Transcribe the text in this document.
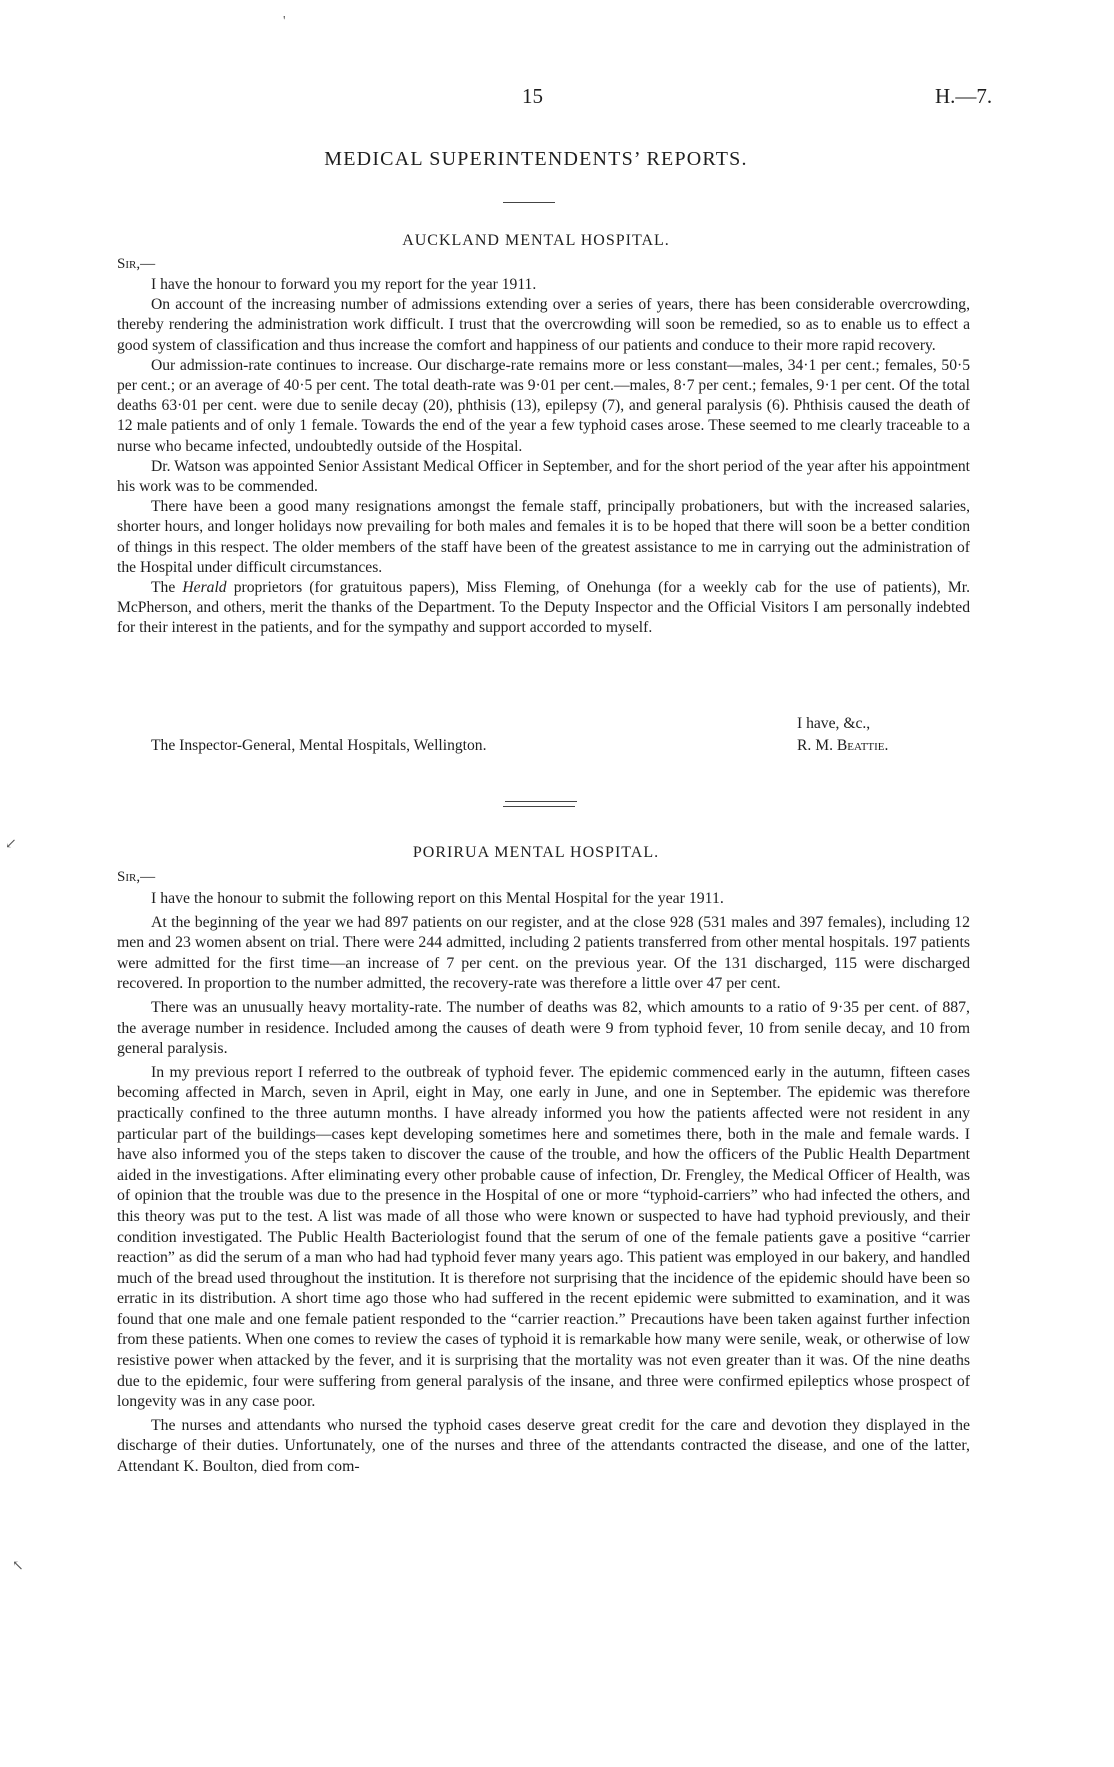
'
15	H.—7.
MEDICAL SUPERINTENDENTS’ REPORTS.
AUCKLAND MENTAL HOSPITAL.
Sir,—

I have the honour to forward you my report for the year 1911.

On account of the increasing number of admissions extending over a series of years, there has been considerable overcrowding, thereby rendering the administration work difficult. I trust that the overcrowding will soon be remedied, so as to enable us to effect a good system of classification and thus increase the comfort and happiness of our patients and conduce to their more rapid recovery.

Our admission-rate continues to increase. Our discharge-rate remains more or less constant—males, 34·1 per cent.; females, 50·5 per cent.; or an average of 40·5 per cent. The total death-rate was 9·01 per cent.—males, 8·7 per cent.; females, 9·1 per cent. Of the total deaths 63·01 per cent. were due to senile decay (20), phthisis (13), epilepsy (7), and general paralysis (6). Phthisis caused the death of 12 male patients and of only 1 female. Towards the end of the year a few typhoid cases arose. These seemed to me clearly traceable to a nurse who became infected, undoubtedly outside of the Hospital.

Dr. Watson was appointed Senior Assistant Medical Officer in September, and for the short period of the year after his appointment his work was to be commended.

There have been a good many resignations amongst the female staff, principally probationers, but with the increased salaries, shorter hours, and longer holidays now prevailing for both males and females it is to be hoped that there will soon be a better condition of things in this respect. The older members of the staff have been of the greatest assistance to me in carrying out the administration of the Hospital under difficult circumstances.

The Herald proprietors (for gratuitous papers), Miss Fleming, of Onehunga (for a weekly cab for the use of patients), Mr. McPherson, and others, merit the thanks of the Department. To the Deputy Inspector and the Official Visitors I am personally indebted for their interest in the patients, and for the sympathy and support accorded to myself.

I have, &c.,
The Inspector-General, Mental Hospitals, Wellington.	R. M. Beattie.
↙	PORIRUA MENTAL HOSPITAL.
Sir,—

I have the honour to submit the following report on this Mental Hospital for the year 1911.

At the beginning of the year we had 897 patients on our register, and at the close 928 (531 males and 397 females), including 12 men and 23 women absent on trial. There were 244 admitted, including 2 patients transferred from other mental hospitals. 197 patients were admitted for the first time—an increase of 7 per cent. on the previous year. Of the 131 discharged, 115 were discharged recovered. In proportion to the number admitted, the recovery-rate was therefore a little over 47 per cent.

There was an unusually heavy mortality-rate. The number of deaths was 82, which amounts to a ratio of 9·35 per cent. of 887, the average number in residence. Included among the causes of death were 9 from typhoid fever, 10 from senile decay, and 10 from general paralysis.

In my previous report I referred to the outbreak of typhoid fever. The epidemic commenced early in the autumn, fifteen cases becoming affected in March, seven in April, eight in May, one early in June, and one in September. The epidemic was therefore practically confined to the three autumn months. I have already informed you how the patients affected were not resident in any particular part of the buildings—cases kept developing sometimes here and sometimes there, both in the male and female wards. I have also informed you of the steps taken to discover the cause of the trouble, and how the officers of the Public Health Department aided in the investigations. After eliminating every other probable cause of infection, Dr. Frengley, the Medical Officer of Health, was of opinion that the trouble was due to the presence in the Hospital of one or more “typhoid-carriers” who had infected the others, and this theory was put to the test. A list was made of all those who were known or suspected to have had typhoid previously, and their condition investigated. The Public Health Bacteriologist found that the serum of one of the female patients gave a positive “carrier reaction” as did the serum of a man who had had typhoid fever many years ago. This patient was employed in our bakery, and handled much of the bread used throughout the institution. It is therefore not surprising that the incidence of the epidemic should have been so erratic in its distribution. A short time ago those who had suffered in the recent epidemic were submitted to examination, and it was found that one male and one female patient responded to the “carrier reaction.” Precautions have been taken against further infection from these patients. When one comes to review the cases of typhoid it is remarkable how many were senile, weak, or otherwise of low resistive power when attacked by the fever, and it is surprising that the mortality was not even greater than it was. Of the nine deaths due to the epidemic, four were suffering from general paralysis of the insane, and three were confirmed epileptics whose prospect of longevity was in any case poor.

The nurses and attendants who nursed the typhoid cases deserve great credit for the care and devotion they displayed in the discharge of their duties. Unfortunately, one of the nurses and three of the attendants contracted the disease, and one of the latter, Attendant K. Boulton, died from com-

↖
